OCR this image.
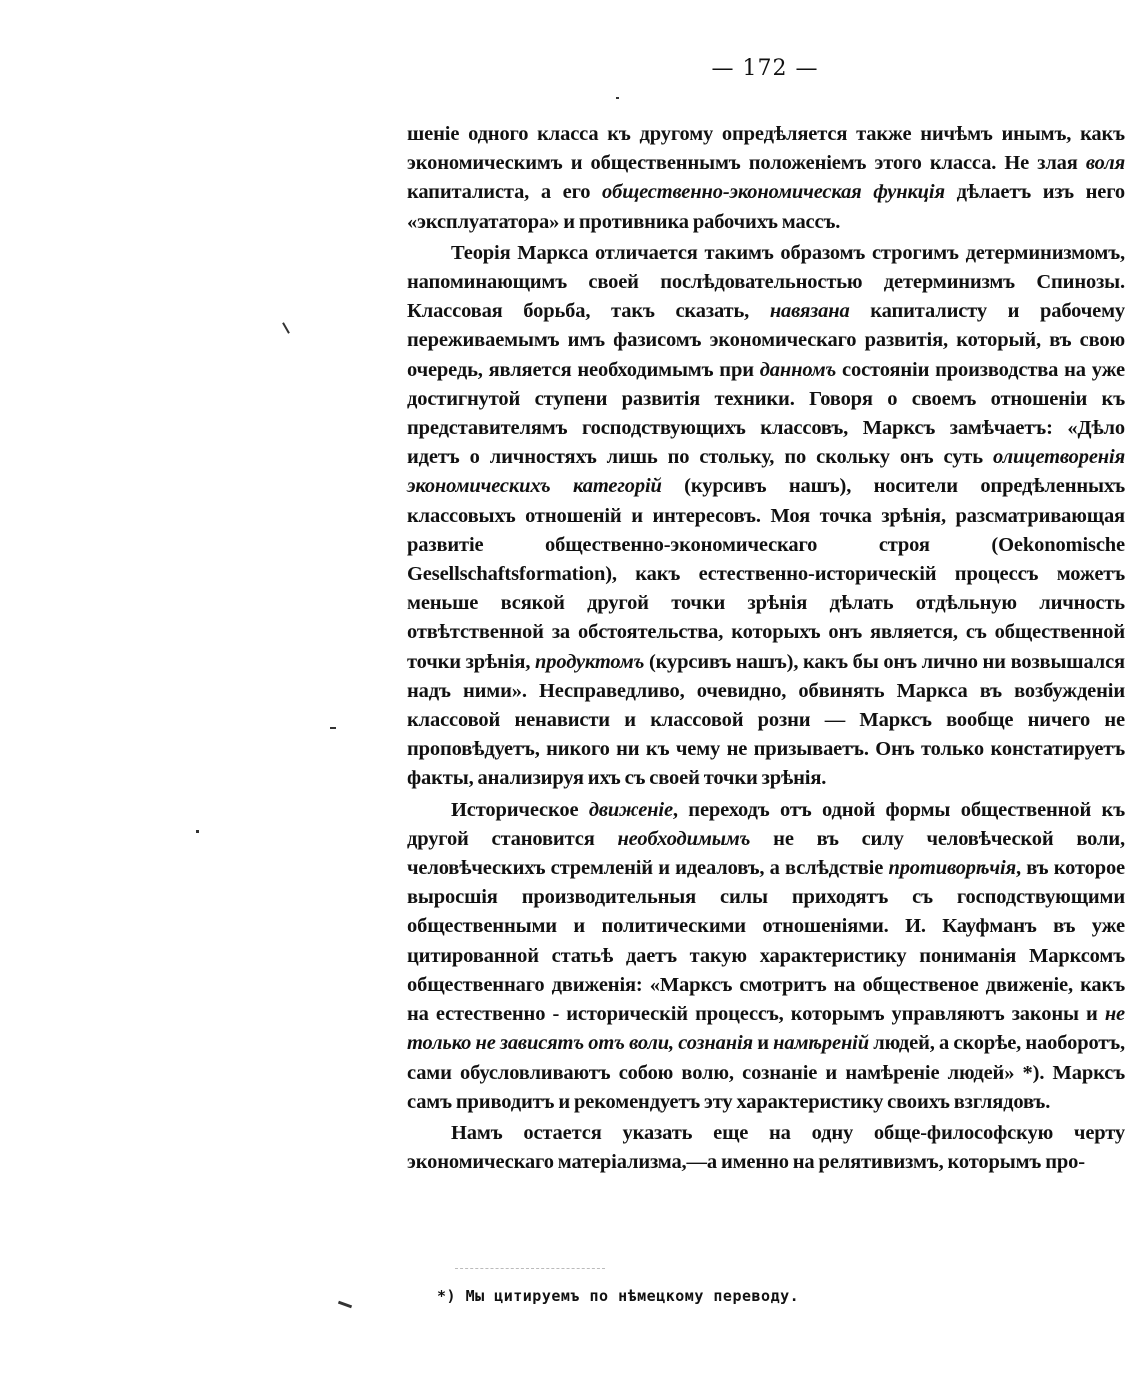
— 172 —

шеніе одного класса къ другому опредѣляется также ничѣмъ инымъ, какъ экономическимъ и общественнымъ положеніемъ этого класса. Не злая воля капиталиста, а его общественно-экономическая функція дѣлаетъ изъ него «эксплуататора» и противника рабочихъ массъ.

Теорія Маркса отличается такимъ образомъ строгимъ детерминизмомъ, напоминающимъ своей послѣдовательностью детерминизмъ Спинозы. Классовая борьба, такъ сказать, навязана капиталисту и рабочему переживаемымъ имъ фазисомъ экономическаго развитія, который, въ свою очередь, является необходимымъ при данномъ состояніи производства на уже достигнутой ступени развитія техники. Говоря о своемъ отношеніи къ представителямъ господствующихъ классовъ, Марксъ замѣчаетъ: «Дѣло идетъ о личностяхъ лишь по стольку, по скольку онъ суть олицетворенія экономическихъ категорій (курсивъ нашъ), носители опредѣленныхъ классовыхъ отношеній и интересовъ. Моя точка зрѣнія, разсматривающая развитіе общественно-экономическаго строя (Oekonomische Gesellschaftsformation), какъ естественно-историческій процессъ можетъ меньше всякой другой точки зрѣнія дѣлать отдѣльную личность отвѣтственной за обстоятельства, которыхъ онъ является, съ общественной точки зрѣнія, продуктомъ (курсивъ нашъ), какъ бы онъ лично ни возвышался надъ ними». Несправедливо, очевидно, обвинять Маркса въ возбужденіи классовой ненависти и классовой розни — Марксъ вообще ничего не проповѣдуетъ, никого ни къ чему не призываетъ. Онъ только констатируетъ факты, анализируя ихъ съ своей точки зрѣнія.

Историческое движеніе, переходъ отъ одной формы общественной къ другой становится необходимымъ не въ силу человѣческой воли, человѣческихъ стремленій и идеаловъ, а вслѣдствіе противорѣчія, въ которое выросшія производительныя силы приходятъ съ господствующими общественными и политическими отношеніями. И. Кауфманъ въ уже цитированной статьѣ даетъ такую характеристику пониманія Марксомъ общественнаго движенія: «Марксъ смотритъ на общественое движеніе, какъ на естественно - историческій процессъ, которымъ управляютъ законы и не только не зависятъ отъ воли, сознанія и намѣреній людей, а скорѣе, наоборотъ, сами обусловливаютъ собою волю, сознаніе и намѣреніе людей» *). Марксъ самъ приводитъ и рекомендуетъ эту характеристику своихъ взглядовъ.

Намъ остается указать еще на одну обще-философскую черту экономическаго матеріализма,—а именно на релятивизмъ, которымъ про-

*) Мы цитируемъ по нѣмецкому переводу.
